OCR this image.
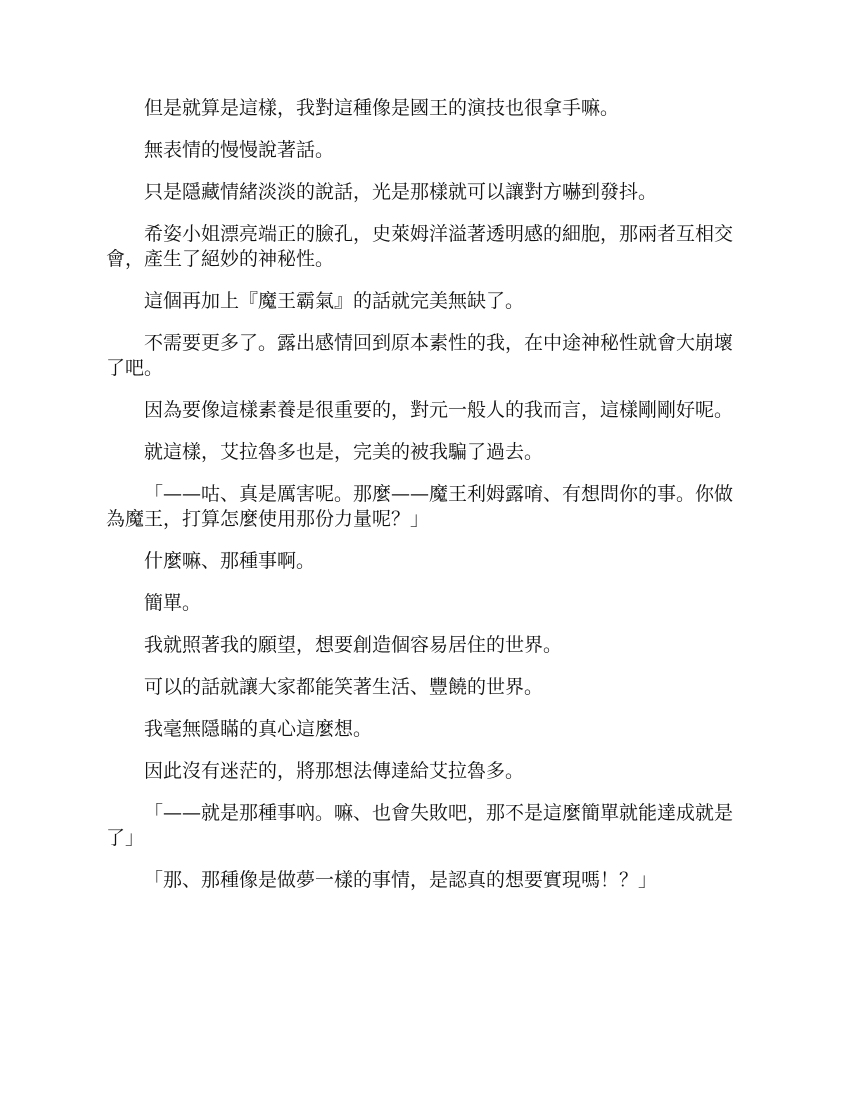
但是就算是這樣，我對這種像是國王的演技也很拿手嘛。

無表情的慢慢說著話。

只是隱藏情緒淡淡的說話，光是那樣就可以讓對方嚇到發抖。

希姿小姐漂亮端正的臉孔，史萊姆洋溢著透明感的細胞，那兩者互相交會，產生了絕妙的神秘性。

這個再加上『魔王霸氣』的話就完美無缺了。

不需要更多了。露出感情回到原本素性的我，在中途神秘性就會大崩壞了吧。

因為要像這樣素養是很重要的，對元一般人的我而言，這樣剛剛好呢。

就這樣，艾拉魯多也是，完美的被我騙了過去。

「——咕、真是厲害呢。那麼——魔王利姆露唷、有想問你的事。你做為魔王，打算怎麼使用那份力量呢？」

什麼嘛、那種事啊。

簡單。

我就照著我的願望，想要創造個容易居住的世界。

可以的話就讓大家都能笑著生活、豐饒的世界。

我毫無隱瞞的真心這麼想。

因此沒有迷茫的，將那想法傳達給艾拉魯多。

「——就是那種事吶。嘛、也會失敗吧，那不是這麼簡單就能達成就是了」

「那、那種像是做夢一樣的事情，是認真的想要實現嗎！？」
